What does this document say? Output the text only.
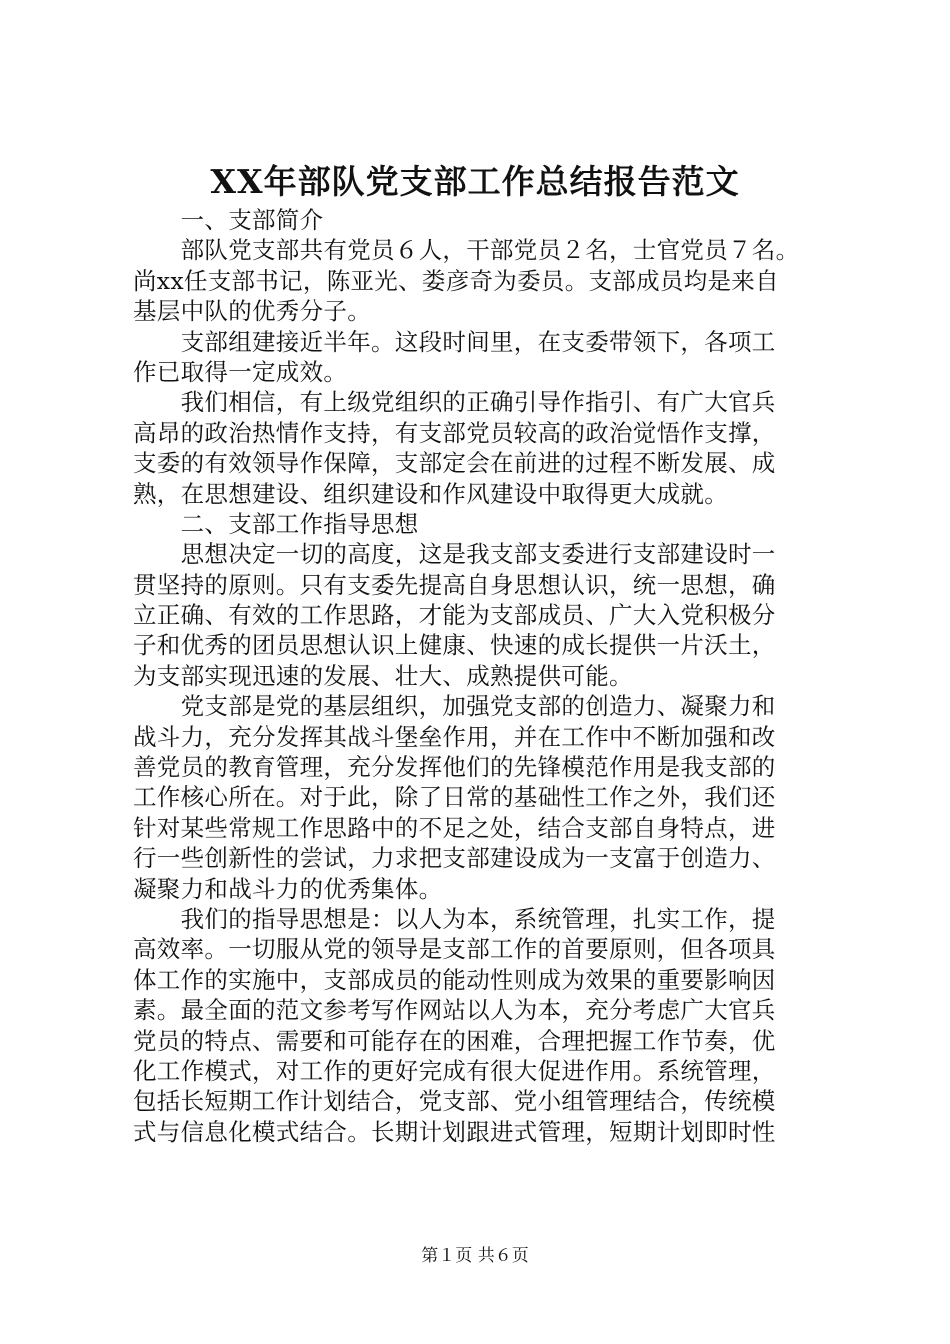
XX年部队党支部工作总结报告范文
　　一、支部简介
　　部队党支部共有党员６人，干部党员２名，士官党员７名。
尚xx任支部书记，陈亚光、娄彦奇为委员。支部成员均是来自
基层中队的优秀分子。
　　支部组建接近半年。这段时间里，在支委带领下，各项工
作已取得一定成效。
　　我们相信，有上级党组织的正确引导作指引、有广大官兵
高昂的政治热情作支持，有支部党员较高的政治觉悟作支撑，
支委的有效领导作保障，支部定会在前进的过程不断发展、成
熟，在思想建设、组织建设和作风建设中取得更大成就。
　　二、支部工作指导思想
　　思想决定一切的高度，这是我支部支委进行支部建设时一
贯坚持的原则。只有支委先提高自身思想认识，统一思想，确
立正确、有效的工作思路，才能为支部成员、广大入党积极分
子和优秀的团员思想认识上健康、快速的成长提供一片沃土，
为支部实现迅速的发展、壮大、成熟提供可能。
　　党支部是党的基层组织，加强党支部的创造力、凝聚力和
战斗力，充分发挥其战斗堡垒作用，并在工作中不断加强和改
善党员的教育管理，充分发挥他们的先锋模范作用是我支部的
工作核心所在。对于此，除了日常的基础性工作之外，我们还
针对某些常规工作思路中的不足之处，结合支部自身特点，进
行一些创新性的尝试，力求把支部建设成为一支富于创造力、
凝聚力和战斗力的优秀集体。
　　我们的指导思想是：以人为本，系统管理，扎实工作，提
高效率。一切服从党的领导是支部工作的首要原则，但各项具
体工作的实施中，支部成员的能动性则成为效果的重要影响因
素。最全面的范文参考写作网站以人为本，充分考虑广大官兵
党员的特点、需要和可能存在的困难，合理把握工作节奏，优
化工作模式，对工作的更好完成有很大促进作用。系统管理，
包括长短期工作计划结合，党支部、党小组管理结合，传统模
式与信息化模式结合。长期计划跟进式管理，短期计划即时性
第１页 共６页
